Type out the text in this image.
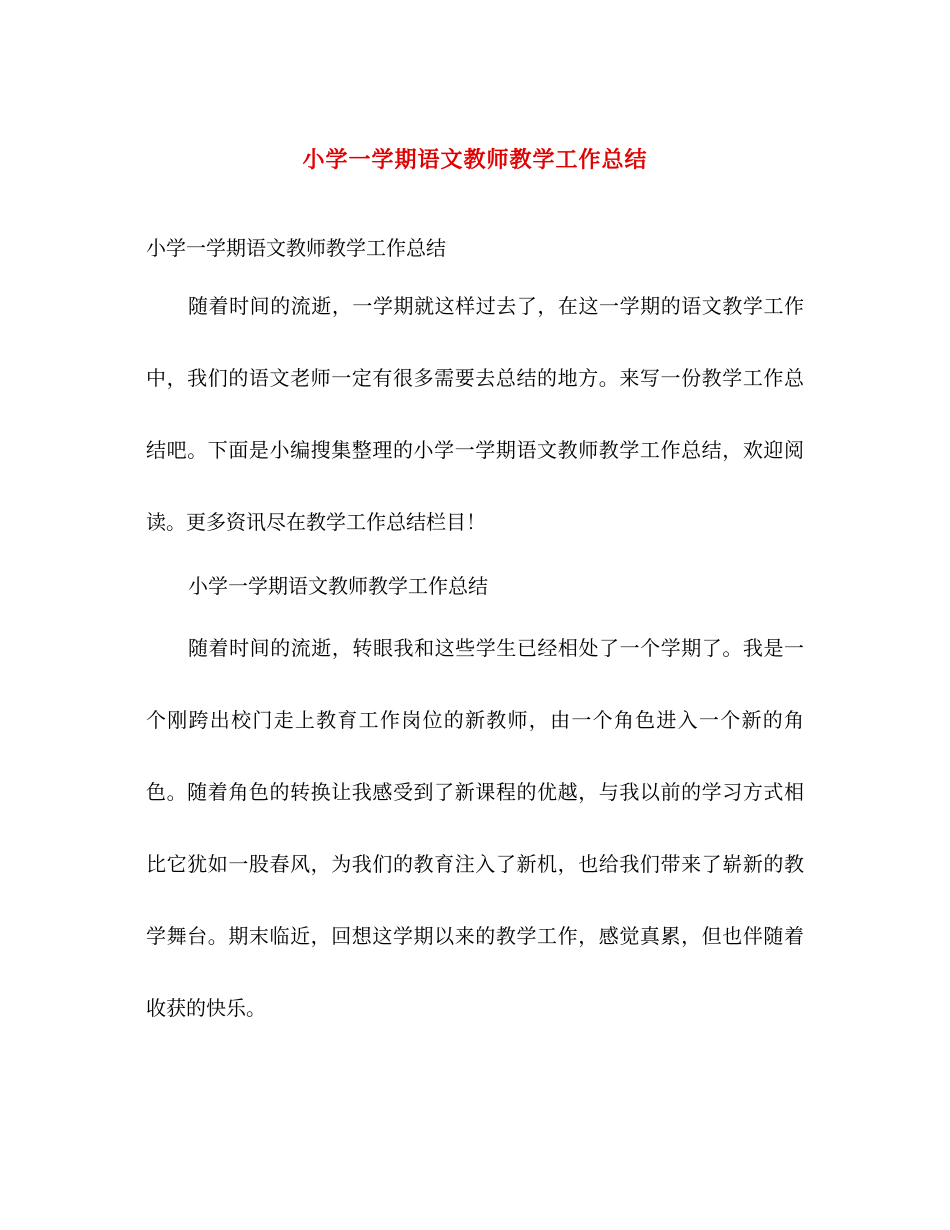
小学一学期语文教师教学工作总结
小学一学期语文教师教学工作总结

随着时间的流逝，一学期就这样过去了，在这一学期的语文教学工作中，我们的语文老师一定有很多需要去总结的地方。来写一份教学工作总结吧。下面是小编搜集整理的小学一学期语文教师教学工作总结，欢迎阅读。更多资讯尽在教学工作总结栏目！

小学一学期语文教师教学工作总结

随着时间的流逝，转眼我和这些学生已经相处了一个学期了。我是一个刚跨出校门走上教育工作岗位的新教师，由一个角色进入一个新的角色。随着角色的转换让我感受到了新课程的优越，与我以前的学习方式相比它犹如一股春风，为我们的教育注入了新机，也给我们带来了崭新的教学舞台。期末临近，回想这学期以来的教学工作，感觉真累，但也伴随着收获的快乐。
